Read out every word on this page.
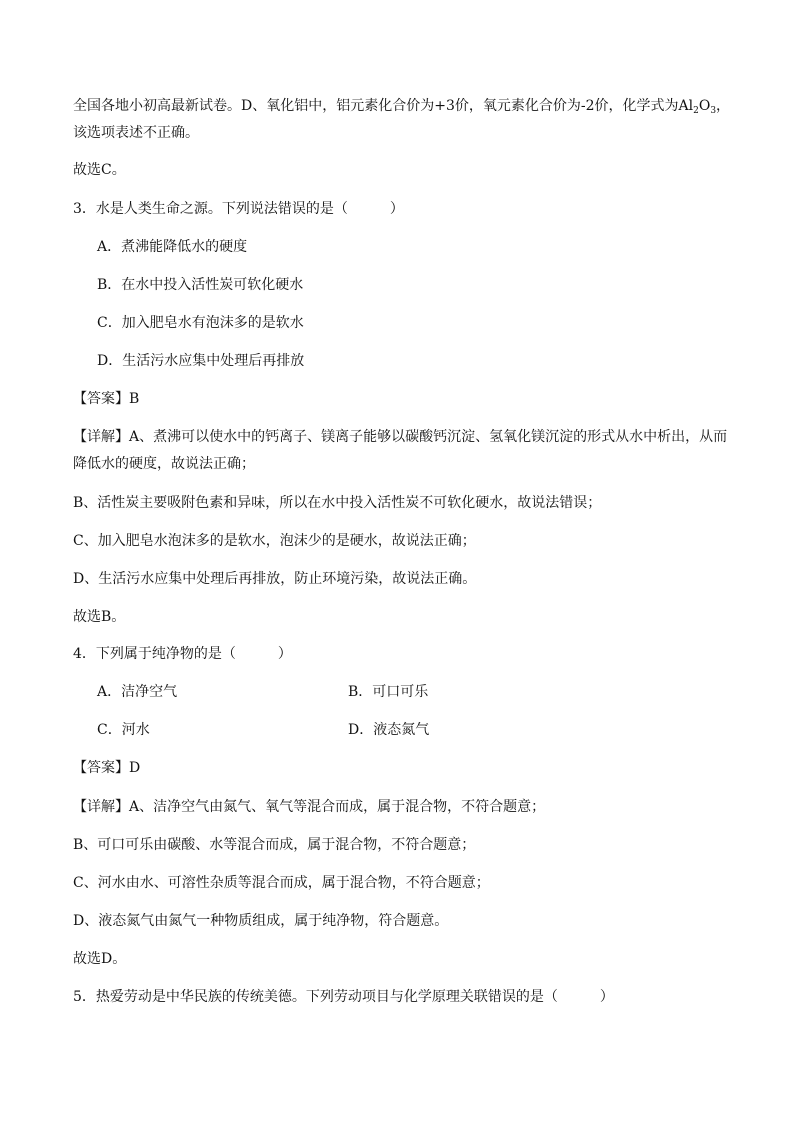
全国各地小初高最新试卷。D、氧化铝中，铝元素化合价为+3价，氧元素化合价为-2价，化学式为$Al_2O_3$，
该选项表述不正确。
故选C。
3．水是人类生命之源。下列说法错误的是（　　　）
A．煮沸能降低水的硬度
B．在水中投入活性炭可软化硬水
C．加入肥皂水有泡沫多的是软水
D．生活污水应集中处理后再排放
【答案】B
【详解】A、煮沸可以使水中的钙离子、镁离子能够以碳酸钙沉淀、氢氧化镁沉淀的形式从水中析出，从而
降低水的硬度，故说法正确；
B、活性炭主要吸附色素和异味，所以在水中投入活性炭不可软化硬水，故说法错误；
C、加入肥皂水泡沫多的是软水，泡沫少的是硬水，故说法正确；
D、生活污水应集中处理后再排放，防止环境污染，故说法正确。
故选B。
4．下列属于纯净物的是（　　　）
A．洁净空气	B．可口可乐
C．河水	D．液态氮气
【答案】D
【详解】A、洁净空气由氮气、氧气等混合而成，属于混合物，不符合题意；
B、可口可乐由碳酸、水等混合而成，属于混合物，不符合题意；
C、河水由水、可溶性杂质等混合而成，属于混合物，不符合题意；
D、液态氮气由氮气一种物质组成，属于纯净物，符合题意。
故选D。
5．热爱劳动是中华民族的传统美德。下列劳动项目与化学原理关联错误的是（　　　）
